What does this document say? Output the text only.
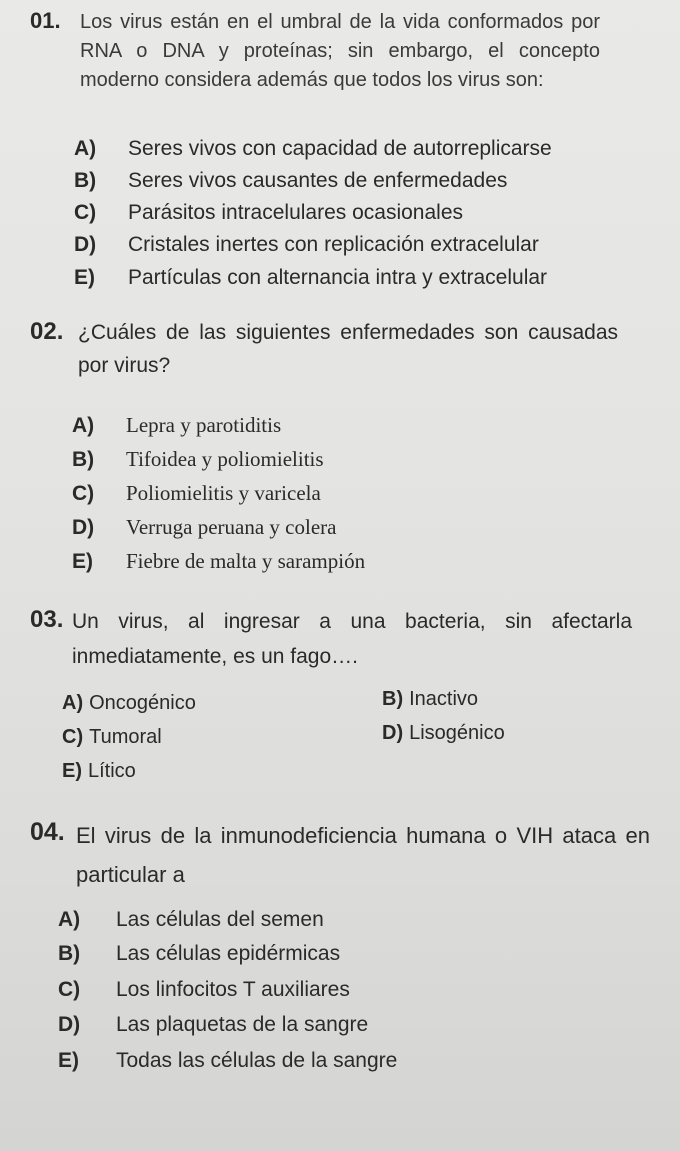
01. Los virus están en el umbral de la vida conformados por RNA o DNA y proteínas; sin embargo, el concepto moderno considera además que todos los virus son:
A) Seres vivos con capacidad de autorreplicarse
B) Seres vivos causantes de enfermedades
C) Parásitos intracelulares ocasionales
D) Cristales inertes con replicación extracelular
E) Partículas con alternancia intra y extracelular
02. ¿Cuáles de las siguientes enfermedades son causadas por virus?
A) Lepra y parotiditis
B) Tifoidea y poliomielitis
C) Poliomielitis y varicela
D) Verruga peruana y colera
E) Fiebre de malta y sarampión
03. Un virus, al ingresar a una bacteria, sin afectarla inmediatamente, es un fago….
A) Oncogénico	B) Inactivo
C) Tumoral	D) Lisogénico
E) Lítico
04. El virus de la inmunodeficiencia humana o VIH ataca en particular a
A) Las células del semen
B) Las células epidérmicas
C) Los linfocitos T auxiliares
D) Las plaquetas de la sangre
E) Todas las células de la sangre
